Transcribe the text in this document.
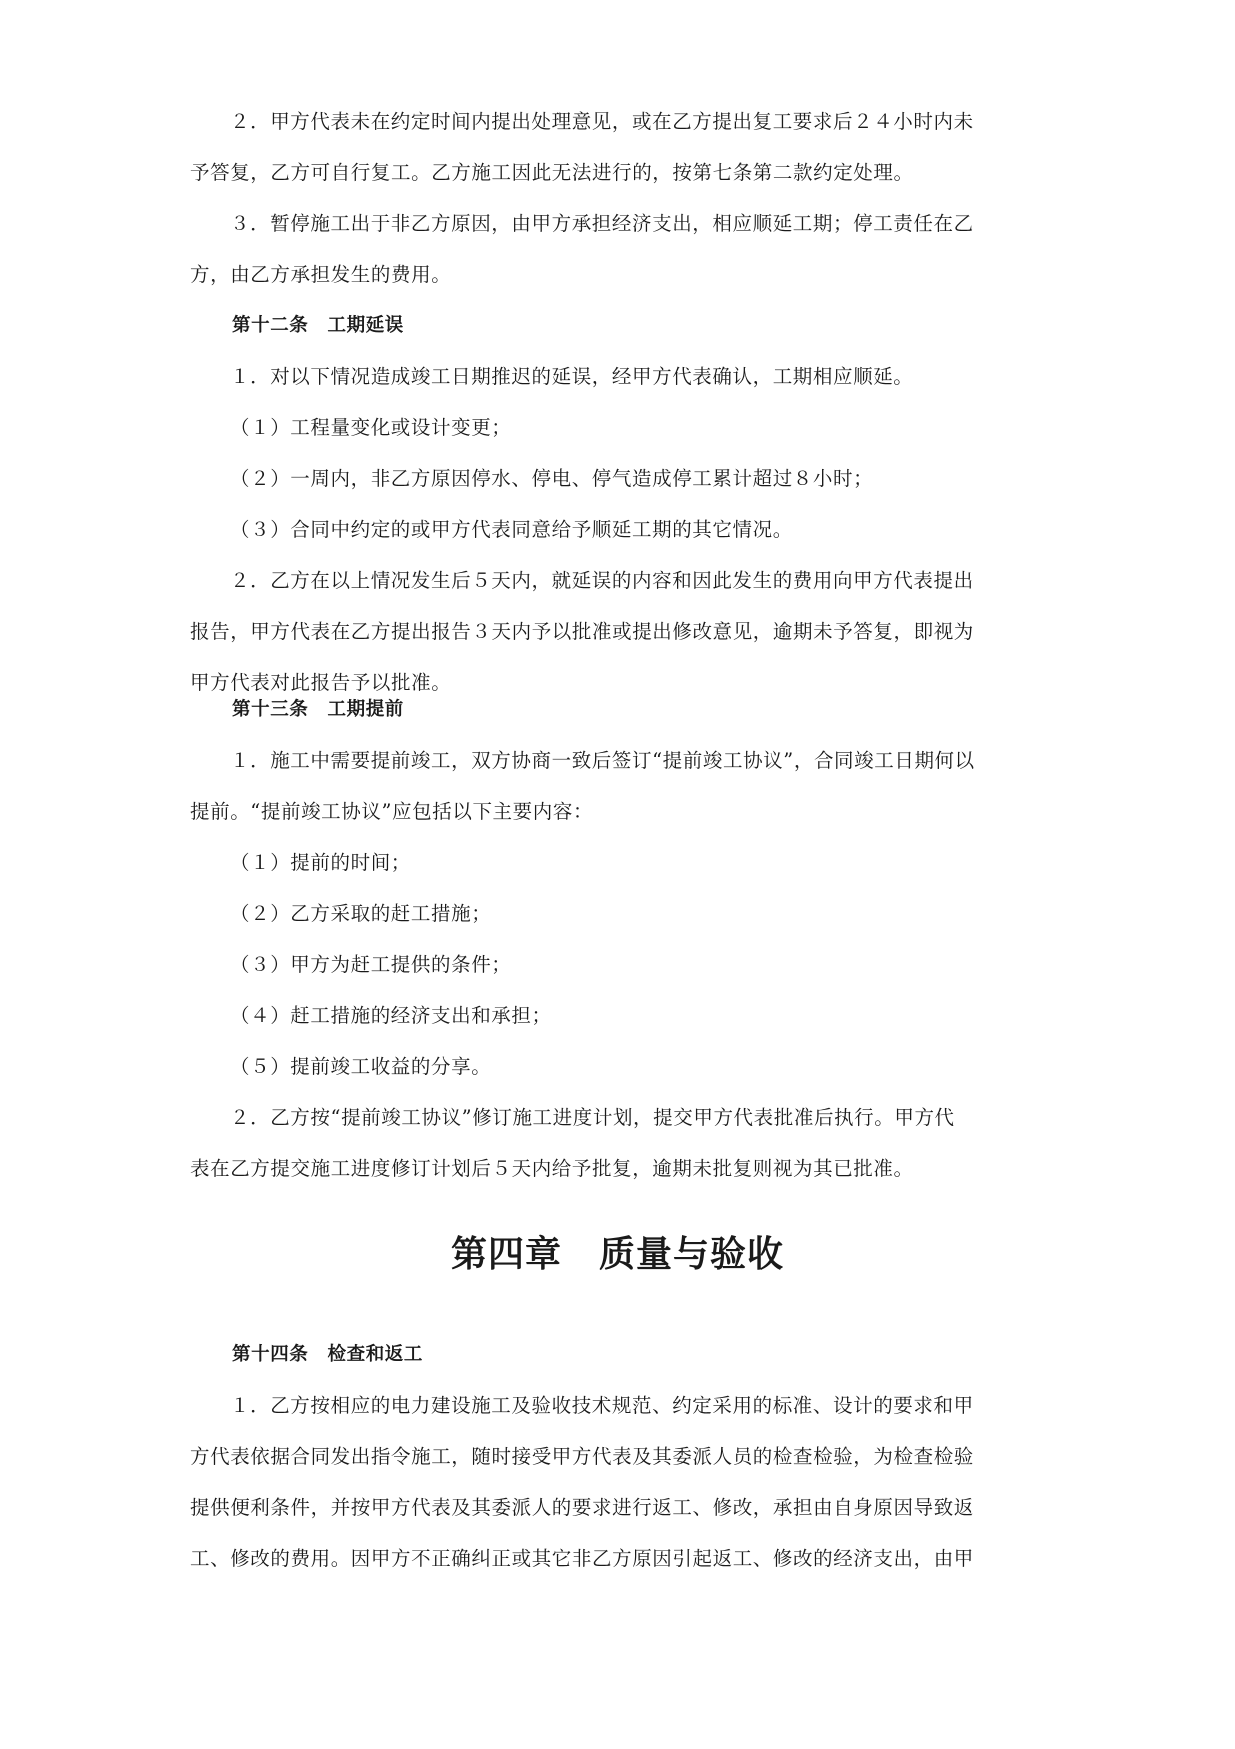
２．甲方代表未在约定时间内提出处理意见，或在乙方提出复工要求后２４小时内未
予答复，乙方可自行复工。乙方施工因此无法进行的，按第七条第二款约定处理。
３．暂停施工出于非乙方原因，由甲方承担经济支出，相应顺延工期；停工责任在乙
方，由乙方承担发生的费用。
第十二条　工期延误
１．对以下情况造成竣工日期推迟的延误，经甲方代表确认，工期相应顺延。
（１）工程量变化或设计变更；
（２）一周内，非乙方原因停水、停电、停气造成停工累计超过８小时；
（３）合同中约定的或甲方代表同意给予顺延工期的其它情况。
２．乙方在以上情况发生后５天内，就延误的内容和因此发生的费用向甲方代表提出
报告，甲方代表在乙方提出报告３天内予以批准或提出修改意见，逾期未予答复，即视为
甲方代表对此报告予以批准。
第十三条　工期提前
１．施工中需要提前竣工，双方协商一致后签订“提前竣工协议”，合同竣工日期何以
提前。“提前竣工协议”应包括以下主要内容：
（１）提前的时间；
（２）乙方采取的赶工措施；
（３）甲方为赶工提供的条件；
（４）赶工措施的经济支出和承担；
（５）提前竣工收益的分享。
２．乙方按“提前竣工协议”修订施工进度计划，提交甲方代表批准后执行。甲方代
表在乙方提交施工进度修订计划后５天内给予批复，逾期未批复则视为其已批准。
第四章　质量与验收
第十四条　检查和返工
１．乙方按相应的电力建设施工及验收技术规范、约定采用的标准、设计的要求和甲
方代表依据合同发出指令施工，随时接受甲方代表及其委派人员的检查检验，为检查检验
提供便利条件，并按甲方代表及其委派人的要求进行返工、修改，承担由自身原因导致返
工、修改的费用。因甲方不正确纠正或其它非乙方原因引起返工、修改的经济支出，由甲
